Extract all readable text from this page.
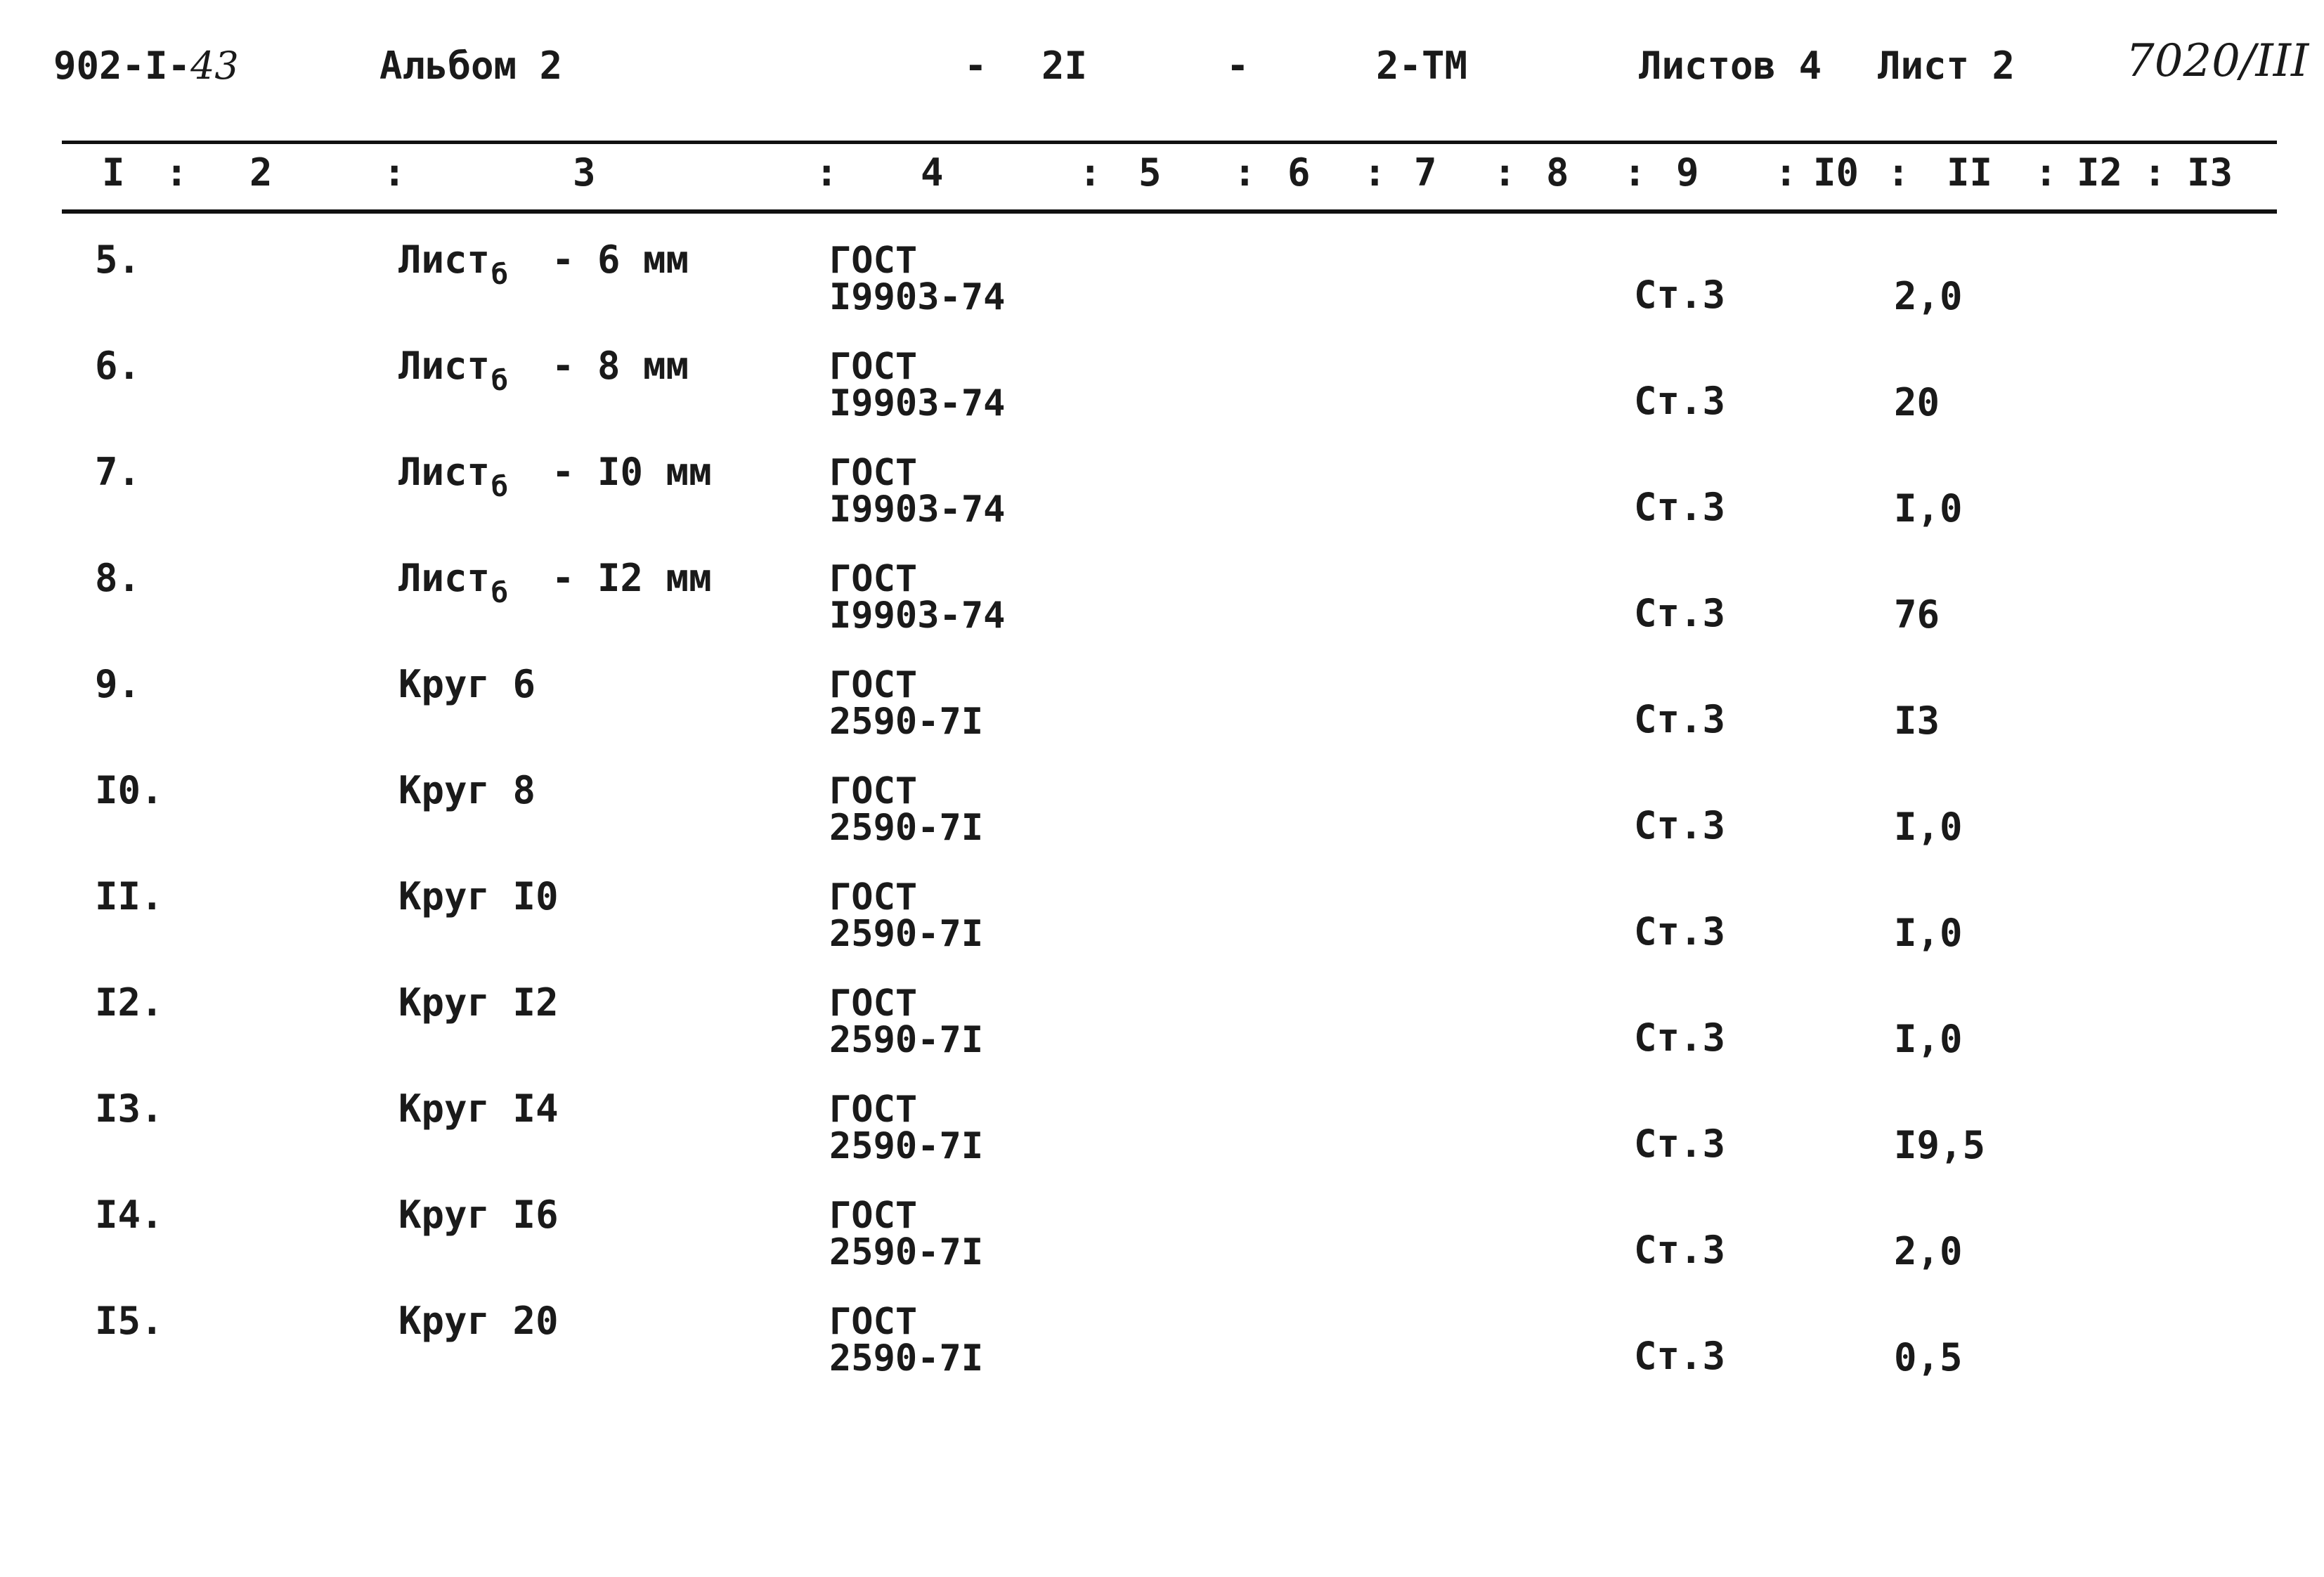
902-I-43	Альбом 2	- 2I	-	2-ТМ	Листов 4 Лист 2 7020/III
I : 2	:	3	: 4	: 5 : 6 : 7 : 8 : 9 : I0 : II : I2 : I3
5.	Лист$_б$ - 6 мм	ГОСТ
I9903-74	Ст.3	2,0
6.	Лист$_б$ - 8 мм	ГОСТ
I9903-74	Ст.3	20
7.	Лист$_б$ - I0 мм	ГОСТ
I9903-74	Ст.3	I,0
8.	Лист$_б$ - I2 мм	ГОСТ
I9903-74	Ст.3	76
9.	Круг 6	ГОСТ
2590-7I	Ст.3	I3
I0.	Круг 8	ГОСТ
2590-7I	Ст.3	I,0
II.	Круг I0	ГОСТ
2590-7I	Ст.3	I,0
I2.	Круг I2	ГОСТ
2590-7I	Ст.3	I,0
I3.	Круг I4	ГОСТ
2590-7I	Ст.3	I9,5
I4.	Круг I6	ГОСТ
2590-7I	Ст.3	2,0
I5.	Круг 20	ГОСТ
2590-7I	Ст.3	0,5
